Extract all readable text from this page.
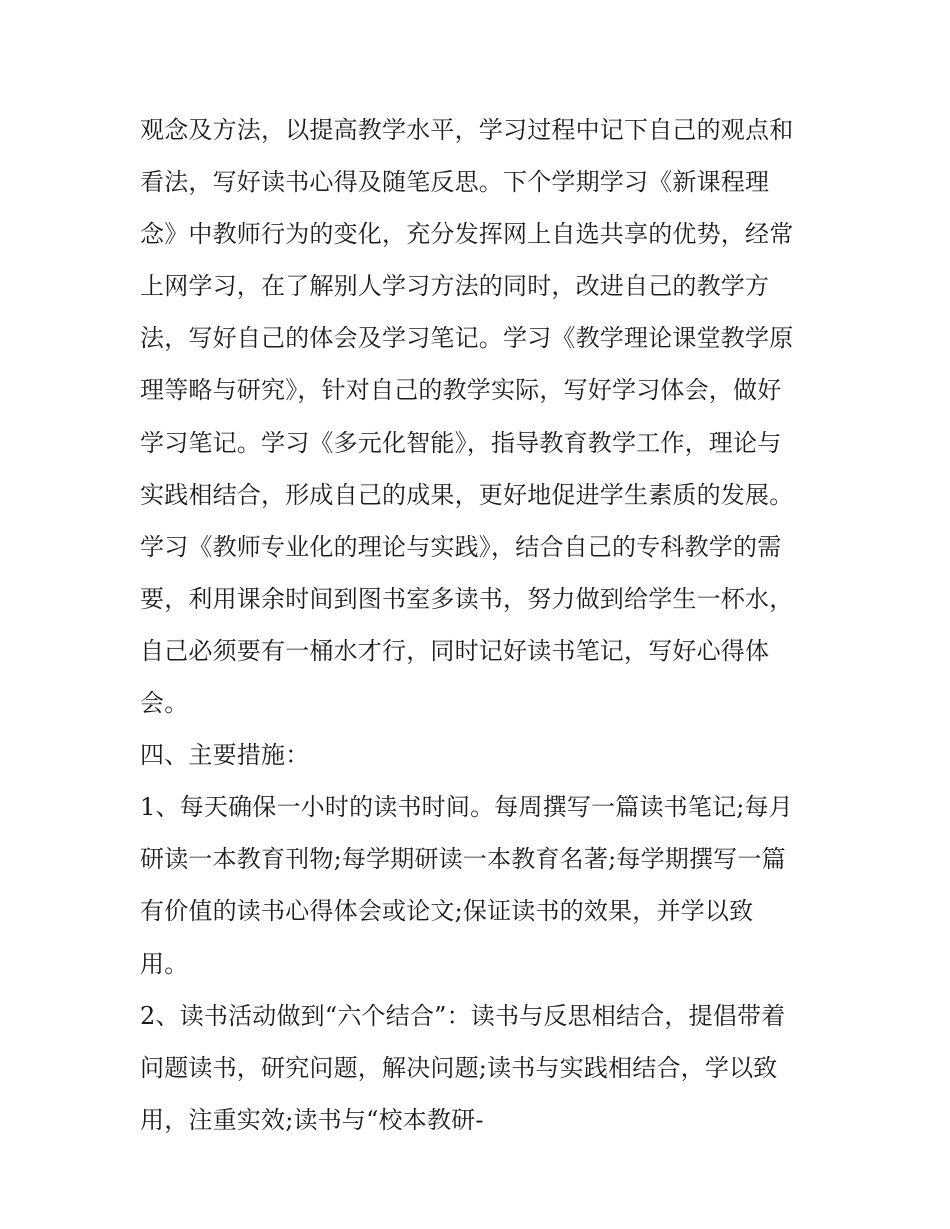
观念及方法，以提高教学水平，学习过程中记下自己的观点和
看法，写好读书心得及随笔反思。下个学期学习《新课程理
念》中教师行为的变化，充分发挥网上自选共享的优势，经常
上网学习，在了解别人学习方法的同时，改进自己的教学方
法，写好自己的体会及学习笔记。学习《教学理论课堂教学原
理等略与研究》，针对自己的教学实际，写好学习体会，做好
学习笔记。学习《多元化智能》，指导教育教学工作，理论与
实践相结合，形成自己的成果，更好地促进学生素质的发展。
学习《教师专业化的理论与实践》，结合自己的专科教学的需
要，利用课余时间到图书室多读书，努力做到给学生一杯水，
自己必须要有一桶水才行，同时记好读书笔记，写好心得体
会。
四、主要措施：
1、每天确保一小时的读书时间。每周撰写一篇读书笔记;每月
研读一本教育刊物;每学期研读一本教育名著;每学期撰写一篇
有价值的读书心得体会或论文;保证读书的效果，并学以致
用。
2、读书活动做到“六个结合”：读书与反思相结合，提倡带着
问题读书，研究问题，解决问题;读书与实践相结合，学以致
用，注重实效;读书与“校本教研-
